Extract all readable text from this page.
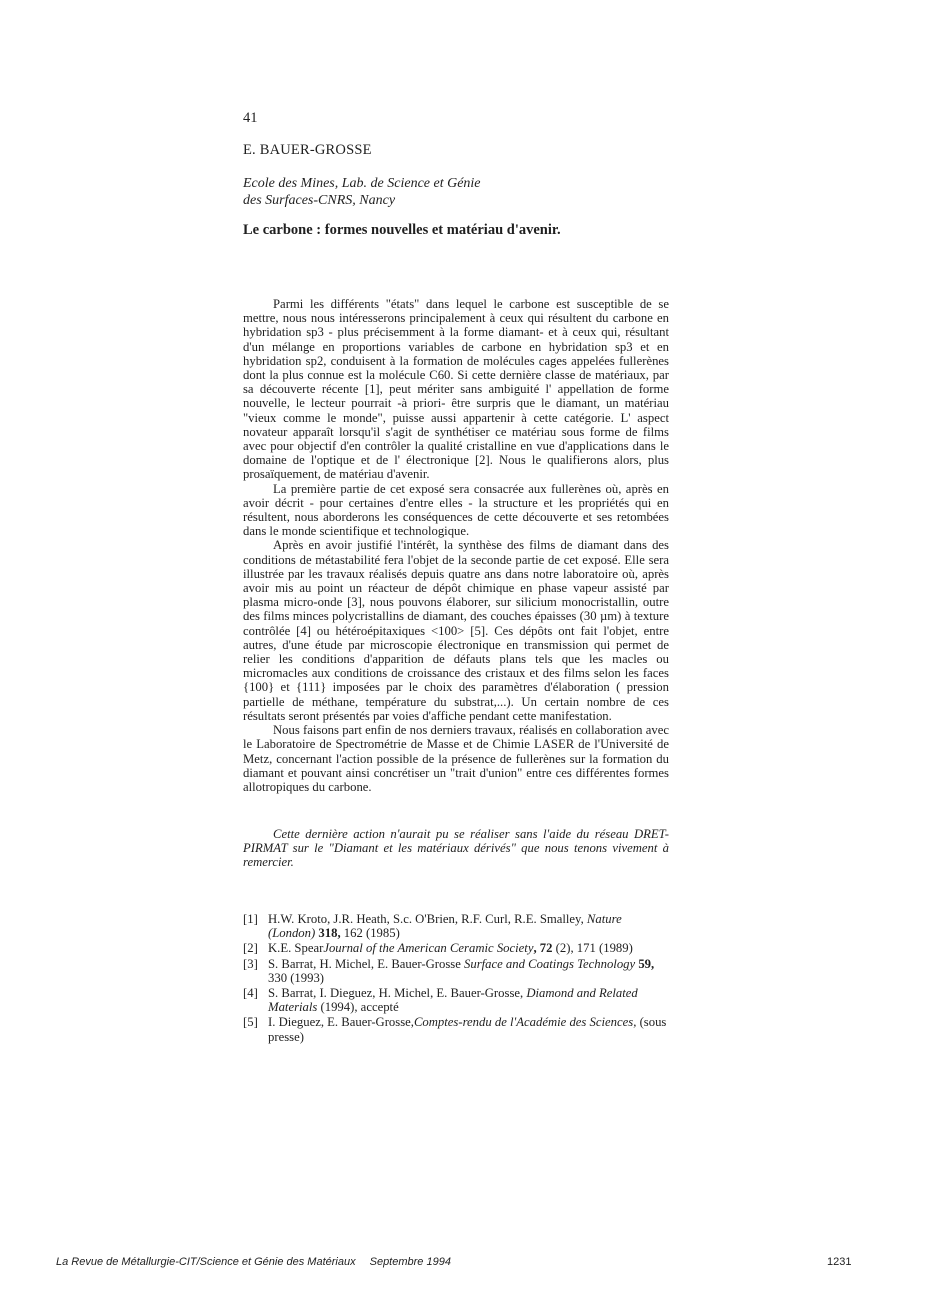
41
E. BAUER-GROSSE
Ecole des Mines, Lab. de Science et Génie
des Surfaces-CNRS, Nancy
Le carbone : formes nouvelles et matériau d'avenir.

Parmi les différents "états" dans lequel le carbone est susceptible de se mettre, nous nous intéresserons principalement à ceux qui résultent du carbone en hybridation sp3 - plus précisemment à la forme diamant- et à ceux qui, résultant d'un mélange en proportions variables de carbone en hybridation sp3 et en hybridation sp2, conduisent à la formation de molécules cages appelées fullerènes dont la plus connue est la molécule C60. Si cette dernière classe de matériaux, par sa découverte récente [1], peut mériter sans ambiguité l' appellation de forme nouvelle, le lecteur pourrait -à priori- être surpris que le diamant, un matériau "vieux comme le monde", puisse aussi appartenir à cette catégorie. L' aspect novateur apparaît lorsqu'il s'agit de synthétiser ce matériau sous forme de films avec pour objectif d'en contrôler la qualité cristalline en vue d'applications dans le domaine de l'optique et de l' électronique [2]. Nous le qualifierons alors, plus prosaïquement, de matériau d'avenir.

La première partie de cet exposé sera consacrée aux fullerènes où, après en avoir décrit - pour certaines d'entre elles - la structure et les propriétés qui en résultent, nous aborderons les conséquences de cette découverte et ses retombées dans le monde scientifique et technologique.

Après en avoir justifié l'intérêt, la synthèse des films de diamant dans des conditions de métastabilité fera l'objet de la seconde partie de cet exposé. Elle sera illustrée par les travaux réalisés depuis quatre ans dans notre laboratoire où, après avoir mis au point un réacteur de dépôt chimique en phase vapeur assisté par plasma micro-onde [3], nous pouvons élaborer, sur silicium monocristallin, outre des films minces polycristallins de diamant, des couches épaisses (30 µm) à texture contrôlée [4] ou hétéroépitaxiques <100> [5]. Ces dépôts ont fait l'objet, entre autres, d'une étude par microscopie électronique en transmission qui permet de relier les conditions d'apparition de défauts plans tels que les macles ou micromacles aux conditions de croissance des cristaux et des films selon les faces {100} et {111} imposées par le choix des paramètres d'élaboration ( pression partielle de méthane, température du substrat,...). Un certain nombre de ces résultats seront présentés par voies d'affiche pendant cette manifestation.

Nous faisons part enfin de nos derniers travaux, réalisés en collaboration avec le Laboratoire de Spectrométrie de Masse et de Chimie LASER de l'Université de Metz, concernant l'action possible de la présence de fullerènes sur la formation du diamant et pouvant ainsi concrétiser un "trait d'union" entre ces différentes formes allotropiques du carbone.

Cette dernière action n'aurait pu se réaliser sans l'aide du réseau DRET-PIRMAT sur le "Diamant et les matériaux dérivés" que nous tenons vivement à remercier.

[1] H.W. Kroto, J.R. Heath, S.c. O'Brien, R.F. Curl, R.E. Smalley, Nature (London) 318, 162 (1985)
[2] K.E. SpearJournal of the American Ceramic Society, 72 (2), 171 (1989)
[3] S. Barrat, H. Michel, E. Bauer-Grosse Surface and Coatings Technology 59, 330 (1993)
[4] S. Barrat, I. Dieguez, H. Michel, E. Bauer-Grosse, Diamond and Related Materials (1994), accepté
[5] I. Dieguez, E. Bauer-Grosse,Comptes-rendu de l'Académie des Sciences, (sous presse)
La Revue de Métallurgie-CIT/Science et Génie des Matériaux Septembre 1994	1231
